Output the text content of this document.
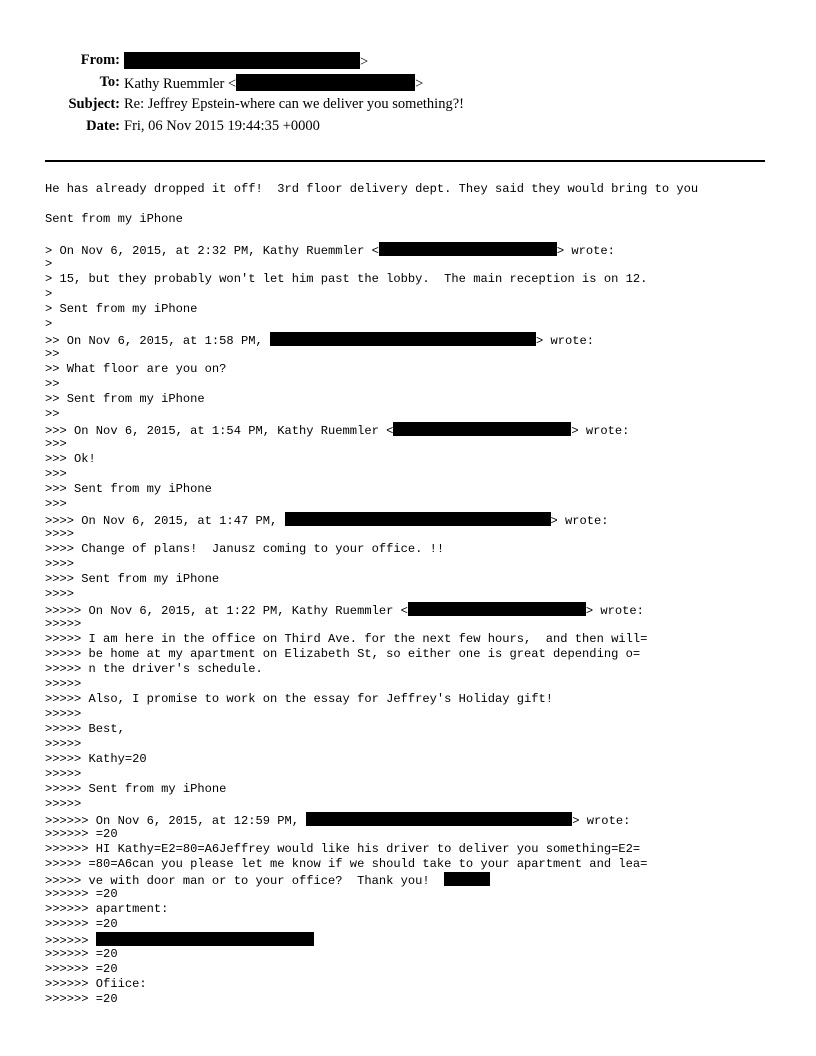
From:	>
To: Kathy Ruemmler <	>
Subject: Re: Jeffrey Epstein-where can we deliver you something?!
Date: Fri, 06 Nov 2015 19:44:35 +0000
He has already dropped it off!  3rd floor delivery dept. They said they would bring to you
Sent from my iPhone
> On Nov 6, 2015, at 2:32 PM, Kathy Ruemmler <	> wrote:
>
> 15, but they probably won't let him past the lobby.  The main reception is on 12.
>
> Sent from my iPhone
>
>> On Nov 6, 2015, at 1:58 PM,	> wrote:
>>
>> What floor are you on?
>>
>> Sent from my iPhone
>>
>>> On Nov 6, 2015, at 1:54 PM, Kathy Ruemmler <	> wrote:
>>>
>>> Ok!
>>>
>>> Sent from my iPhone
>>>
>>>> On Nov 6, 2015, at 1:47 PM,	> wrote:
>>>>
>>>> Change of plans!  Janusz coming to your office. !!
>>>>
>>>> Sent from my iPhone
>>>>
>>>>> On Nov 6, 2015, at 1:22 PM, Kathy Ruemmler <	> wrote:
>>>>>
>>>>> I am here in the office on Third Ave. for the next few hours,  and then will=
>>>>> be home at my apartment on Elizabeth St, so either one is great depending o=
>>>>> n the driver's schedule.
>>>>>
>>>>> Also, I promise to work on the essay for Jeffrey's Holiday gift!
>>>>>
>>>>> Best,
>>>>>
>>>>> Kathy=20
>>>>>
>>>>> Sent from my iPhone
>>>>>
>>>>>> On Nov 6, 2015, at 12:59 PM,	> wrote:
>>>>>> =20
>>>>>> HI Kathy=E2=80=A6Jeffrey would like his driver to deliver you something=E2=
>>>>> =80=A6can you please let me know if we should take to your apartment and lea=
>>>>> ve with door man or to your office?  Thank you!
>>>>>> =20
>>>>>> apartment:
>>>>>> =20
>>>>>>
>>>>>> =20
>>>>>> =20
>>>>>> Ofiice:
>>>>>> =20
